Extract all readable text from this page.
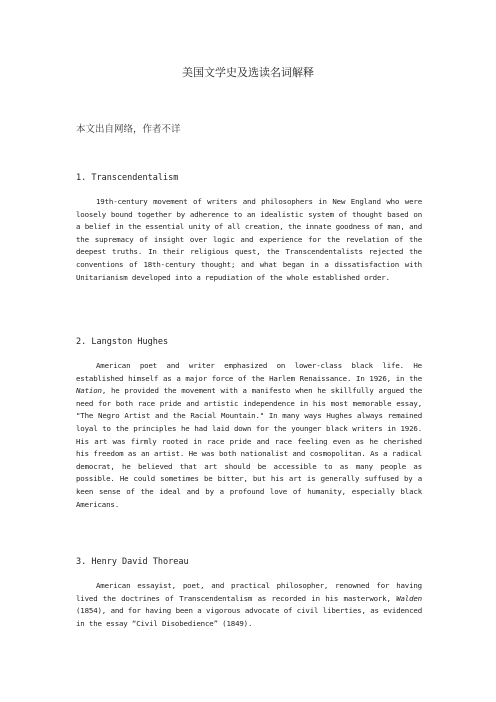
美国文学史及选读名词解释
本文出自网络，作者不详
1. Transcendentalism

19th-century movement of writers and philosophers in New England who were loosely bound together by adherence to an idealistic system of thought based on a belief in the essential unity of all creation, the innate goodness of man, and the supremacy of insight over logic and experience for the revelation of the deepest truths. In their religious quest, the Transcendentalists rejected the conventions of 18th-century thought; and what began in a dissatisfaction with Unitarianism developed into a repudiation of the whole established order.

2. Langston Hughes

American poet and writer emphasized on lower-class black life. He established himself as a major force of the Harlem Renaissance. In 1926, in the Nation, he provided the movement with a manifesto when he skillfully argued the need for both race pride and artistic independence in his most memorable essay, "The Negro Artist and the Racial Mountain." In many ways Hughes always remained loyal to the principles he had laid down for the younger black writers in 1926. His art was firmly rooted in race pride and race feeling even as he cherished his freedom as an artist. He was both nationalist and cosmopolitan. As a radical democrat, he believed that art should be accessible to as many people as possible. He could sometimes be bitter, but his art is generally suffused by a keen sense of the ideal and by a profound love of humanity, especially black Americans.

3. Henry David Thoreau

American essayist, poet, and practical philosopher, renowned for having lived the doctrines of Transcendentalism as recorded in his masterwork, Walden (1854), and for having been a vigorous advocate of civil liberties, as evidenced in the essay “Civil Disobedience” (1849).
